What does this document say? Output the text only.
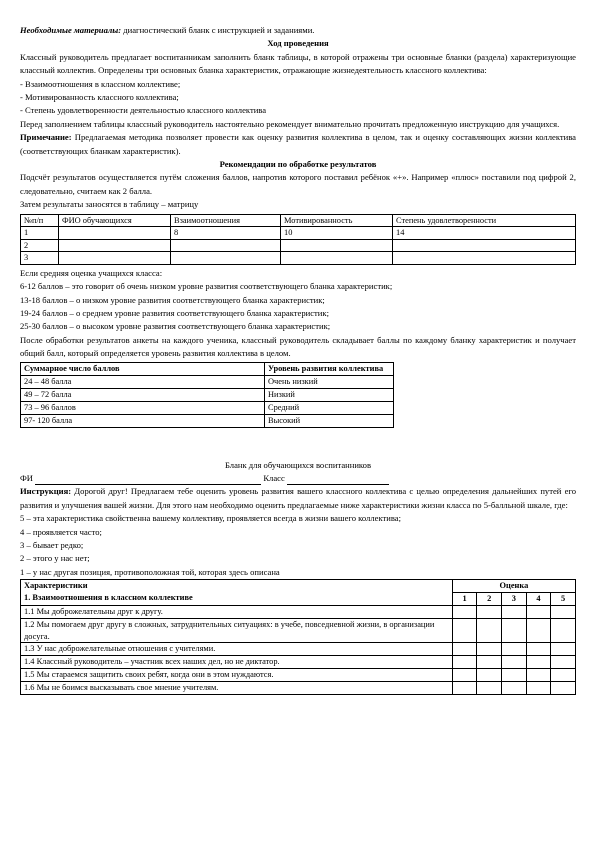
Необходимые материалы: диагностический бланк с инструкцией и заданиями.

Ход проведения

Классный руководитель предлагает воспитанникам заполнить бланк таблицы, в которой отражены три основные бланки (раздела) характеризующие классный коллектив. Определены три основных бланка характеристик, отражающие жизнедеятельность классного коллектива:

- Взаимоотношения в классном коллективе;

- Мотивированность классного коллектива;

- Степень удовлетворенности деятельностью классного коллектива

Перед заполнением таблицы классный руководитель настоятельно рекомендует внимательно прочитать предложенную инструкцию для учащихся.

Примечание: Предлагаемая методика позволяет провести как оценку развития коллектива в целом, так и оценку составляющих жизни коллектива (соответствующих бланкам характеристик).

Рекомендации по обработке результатов

Подсчёт результатов осуществляется путём сложения баллов, напротив которого поставил ребёнок «+». Например «плюс» поставили под цифрой 2, следовательно, считаем как 2 балла.

Затем результаты заносятся в таблицу – матрицу

№п/п	ФИО обучающихся	Взаимоотношения	Мотивированность	Степень удовлетворенности
1		8	10	14
2				
3				

Если средняя оценка учащихся класса:

6-12 баллов – это говорит об очень низком уровне развития соответствующего бланка характеристик;

13-18 баллов – о низком уровне развития соответствующего бланка характеристик;

19-24 баллов – о среднем уровне развития соответствующего бланка характеристик;

25-30 баллов – о высоком уровне развития соответствующего бланка характеристик;

После обработки результатов анкеты на каждого ученика, классный руководитель складывает баллы по каждому бланку характеристик и получает общий балл, который определяется уровень развития коллектива в целом.

Суммарное число баллов	Уровень развития коллектива
24 – 48 балла	Очень низкий
49 – 72 балла	Низкий
73 – 96 баллов	Средний
97- 120 балла	Высокий

Бланк для обучающихся воспитанников

ФИ	Класс

Инструкция: Дорогой друг! Предлагаем тебе оценить уровень развития вашего классного коллектива с целью определения дальнейших путей его развития и улучшения вашей жизни. Для этого нам необходимо оценить предлагаемые ниже характеристики жизни класса по 5-балльной шкале, где:

5 – эта характеристика свойственна вашему коллективу, проявляется всегда в жизни вашего коллектива;

4 – проявляется часто;

3 – бывает редко;

2 – этого у нас нет;

1 – у нас другая позиция, противоположная той, которая здесь описана

Характеристики
1. Взаимоотношения в классном коллективе	Оценка				
	1	2	3	4	5
1.1 Мы доброжелательны друг к другу.					
1.2 Мы помогаем друг другу в сложных, затруднительных ситуациях: в учебе, повседневной жизни, в организации досуга.					
1.3 У нас доброжелательные отношения с учителями.					
1.4 Классный руководитель – участник всех наших дел, но не диктатор.					
1.5 Мы стараемся защитить своих ребят, когда они в этом нуждаются.					
1.6 Мы не боимся высказывать свое мнение учителям.					
